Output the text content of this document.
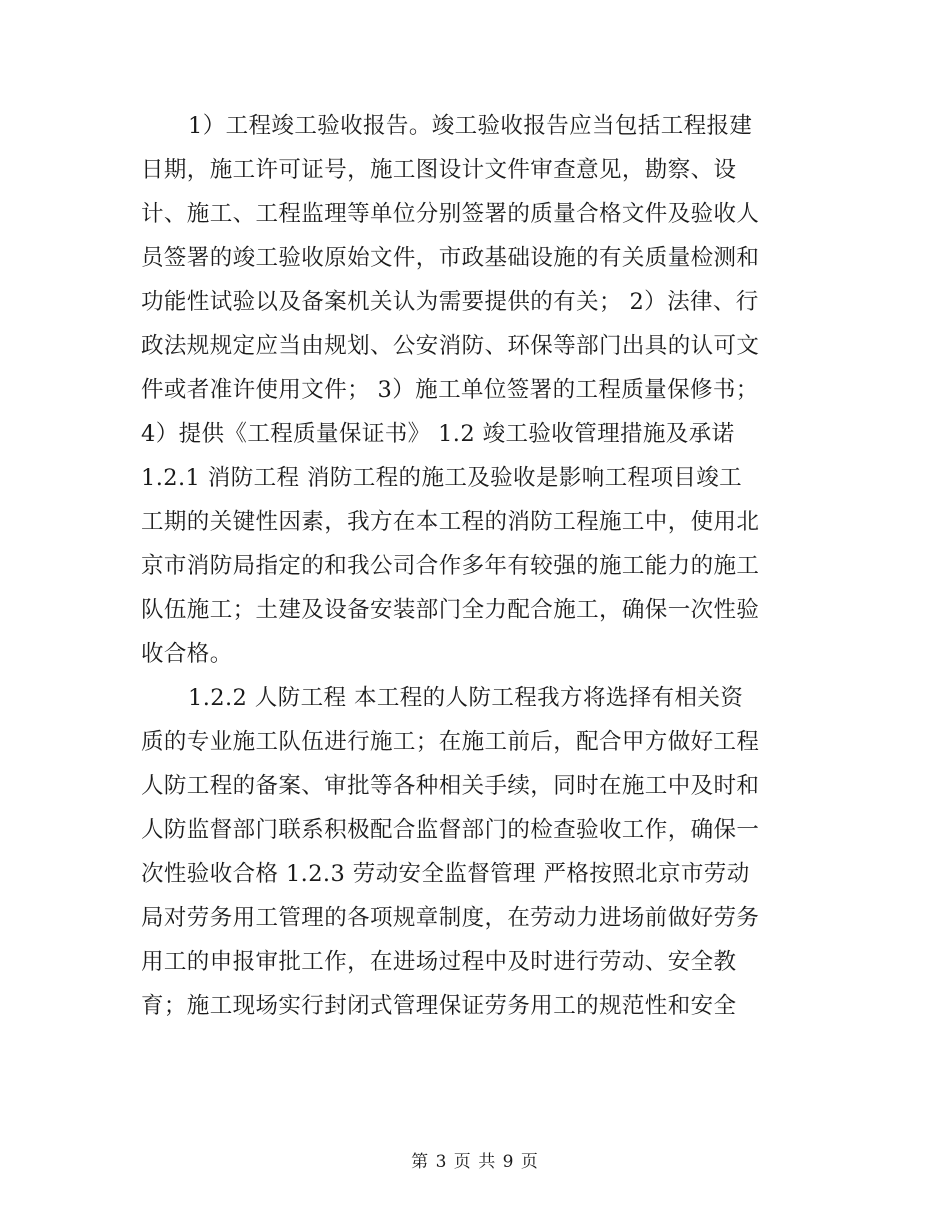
1）工程竣工验收报告。竣工验收报告应当包括工程报建
日期，施工许可证号，施工图设计文件审查意见，勘察、设
计、施工、工程监理等单位分别签署的质量合格文件及验收人
员签署的竣工验收原始文件，市政基础设施的有关质量检测和
功能性试验以及备案机关认为需要提供的有关； 2）法律、行
政法规规定应当由规划、公安消防、环保等部门出具的认可文
件或者准许使用文件； 3）施工单位签署的工程质量保修书；
4）提供《工程质量保证书》 1.2 竣工验收管理措施及承诺
1.2.1 消防工程 消防工程的施工及验收是影响工程项目竣工
工期的关键性因素，我方在本工程的消防工程施工中，使用北
京市消防局指定的和我公司合作多年有较强的施工能力的施工
队伍施工；土建及设备安装部门全力配合施工，确保一次性验
收合格。
1.2.2 人防工程 本工程的人防工程我方将选择有相关资
质的专业施工队伍进行施工；在施工前后，配合甲方做好工程
人防工程的备案、审批等各种相关手续，同时在施工中及时和
人防监督部门联系积极配合监督部门的检查验收工作，确保一
次性验收合格 1.2.3 劳动安全监督管理 严格按照北京市劳动
局对劳务用工管理的各项规章制度，在劳动力进场前做好劳务
用工的申报审批工作，在进场过程中及时进行劳动、安全教
育；施工现场实行封闭式管理保证劳务用工的规范性和安全
第 3 页 共 9 页
